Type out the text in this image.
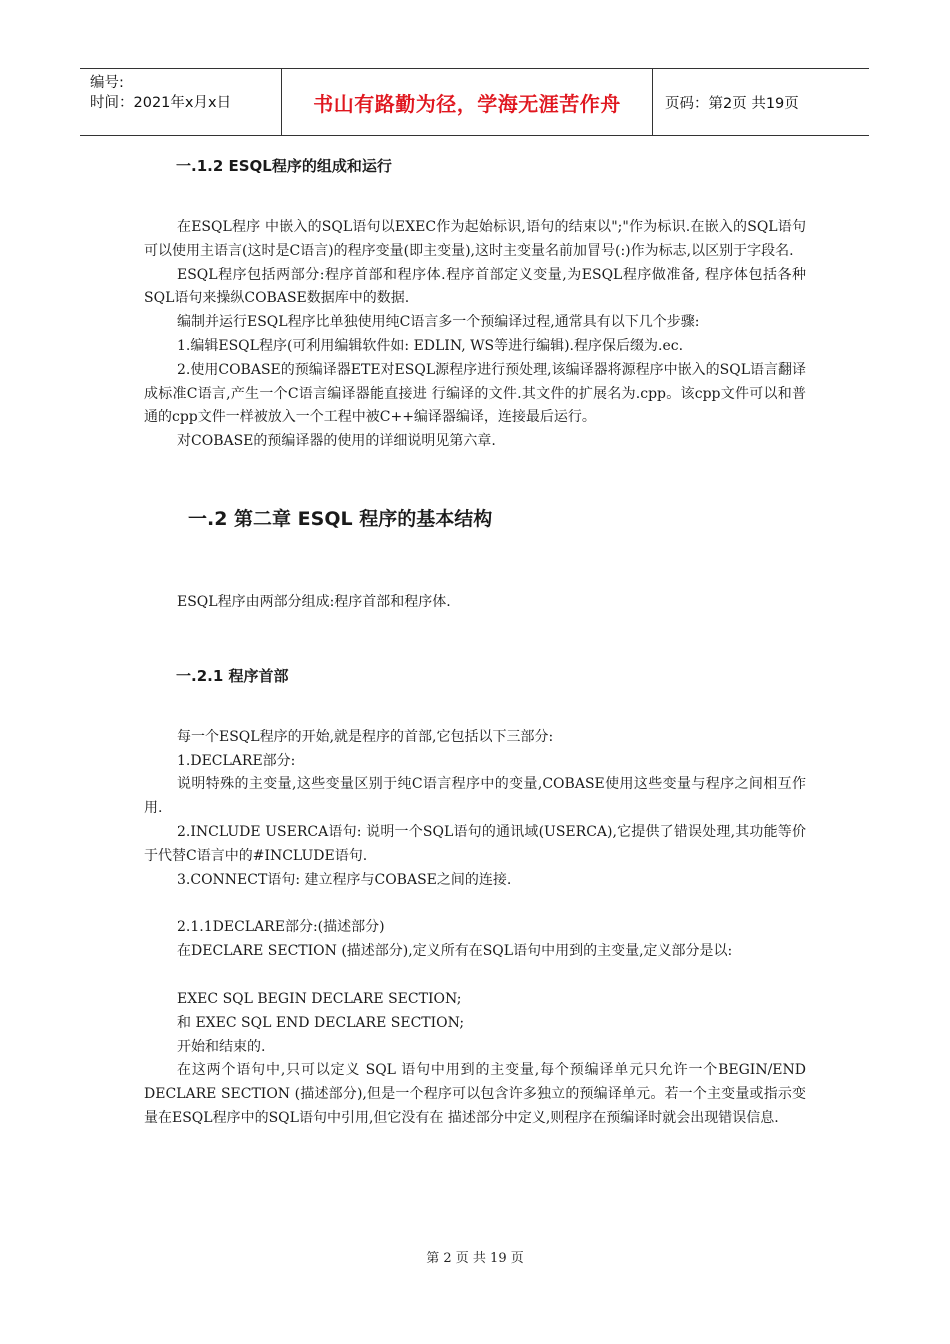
编号:
时间：2021年x月x日	书山有路勤为径，学海无涯苦作舟	页码：第2页 共19页
一.1.2 ESQL程序的组成和运行

在ESQL程序 中嵌入的SQL语句以EXEC作为起始标识,语句的结束以";"作为标识.在嵌入的SQL语句可以使用主语言(这时是C语言)的程序变量(即主变量),这时主变量名前加冒号(:)作为标志,以区别于字段名.

ESQL程序包括两部分:程序首部和程序体.程序首部定义变量,为ESQL程序做准备, 程序体包括各种SQL语句来操纵COBASE数据库中的数据.

编制并运行ESQL程序比单独使用纯C语言多一个预编译过程,通常具有以下几个步骤:

1.编辑ESQL程序(可利用编辑软件如: EDLIN, WS等进行编辑).程序保后缀为.ec.

2.使用COBASE的预编译器ETE对ESQL源程序进行预处理,该编译器将源程序中嵌入的SQL语言翻译成标准C语言,产生一个C语言编译器能直接进 行编译的文件.其文件的扩展名为.cpp。该cpp文件可以和普通的cpp文件一样被放入一个工程中被C++编译器编译，连接最后运行。

对COBASE的预编译器的使用的详细说明见第六章.

一.2 第二章 ESQL 程序的基本结构

ESQL程序由两部分组成:程序首部和程序体.

一.2.1 程序首部

每一个ESQL程序的开始,就是程序的首部,它包括以下三部分:

1.DECLARE部分:

说明特殊的主变量,这些变量区别于纯C语言程序中的变量,COBASE使用这些变量与程序之间相互作用.

2.INCLUDE USERCA语句: 说明一个SQL语句的通讯域(USERCA),它提供了错误处理,其功能等价于代替C语言中的#INCLUDE语句.

3.CONNECT语句: 建立程序与COBASE之间的连接.

2.1.1DECLARE部分:(描述部分)

在DECLARE SECTION (描述部分),定义所有在SQL语句中用到的主变量,定义部分是以:

EXEC SQL BEGIN DECLARE SECTION;

和 EXEC SQL END DECLARE SECTION;

开始和结束的.

在这两个语句中,只可以定义 SQL 语句中用到的主变量,每个预编译单元只允许一个BEGIN/END DECLARE SECTION (描述部分),但是一个程序可以包含许多独立的预编译单元。若一个主变量或指示变量在ESQL程序中的SQL语句中引用,但它没有在 描述部分中定义,则程序在预编译时就会出现错误信息.

第 2 页 共 19 页
